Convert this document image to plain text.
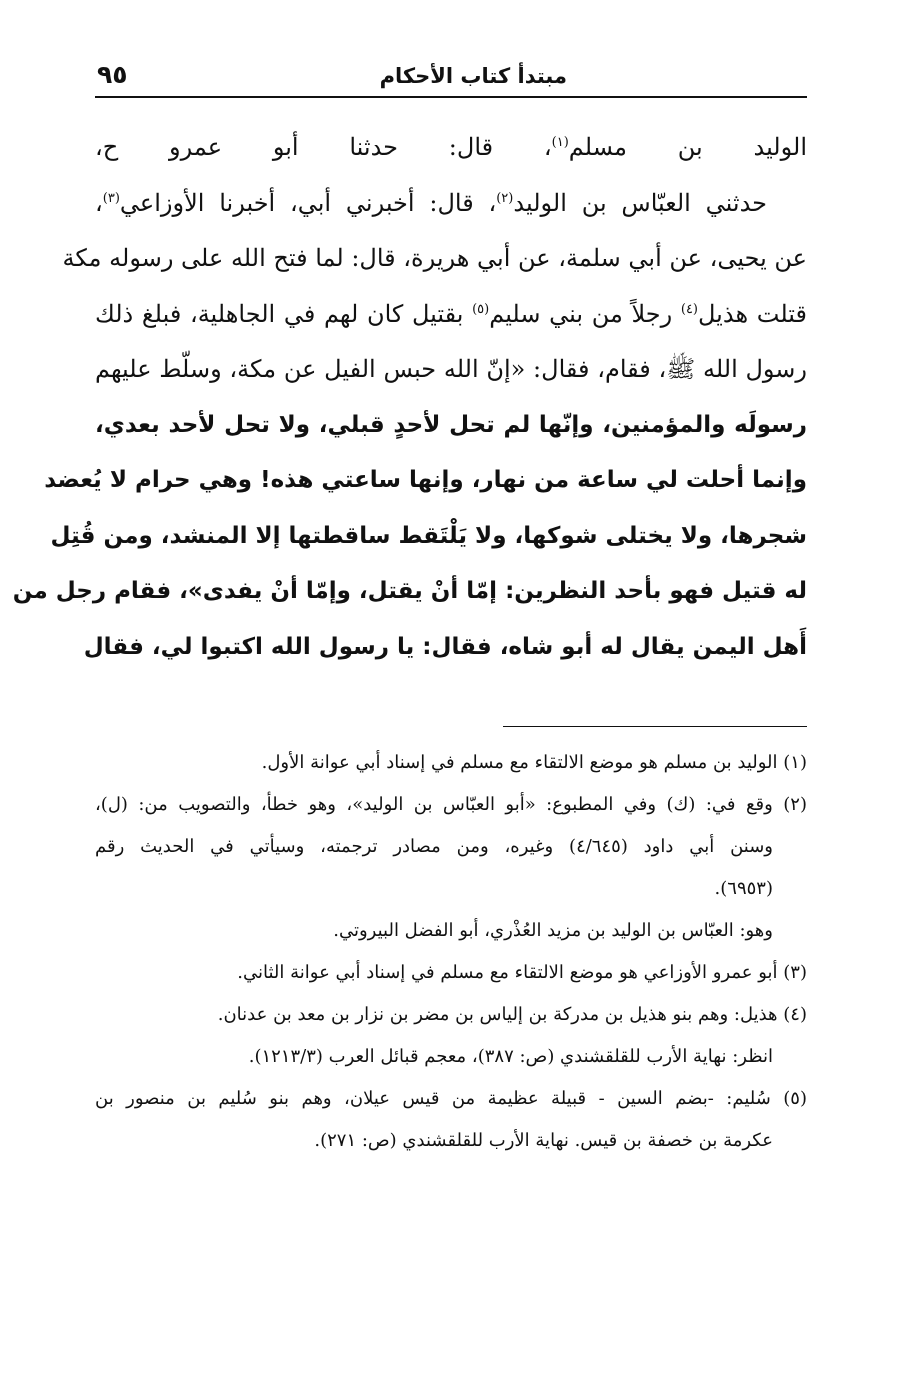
مبتدأ كتاب الأحكام
٩٥
الوليد بن مسلم$^{(١)}$، قال: حدثنا أبو عمرو ح،
حدثني العبّاس بن الوليد$^{(٢)}$، قال: أخبرني أبي، أخبرنا الأوزاعي$^{(٣)}$،
عن يحيى، عن أبي سلمة، عن أبي هريرة، قال: لما فتح الله على رسوله مكة
قتلت هذيل$^{(٤)}$ رجلاً من بني سليم$^{(٥)}$ بقتيل كان لهم في الجاهلية، فبلغ ذلك
رسول الله ﷺ، فقام، فقال: «إنّ الله حبس الفيل عن مكة، وسلّط عليهم
رسولَه والمؤمنين، وإنّها لم تحل لأحدٍ قبلي، ولا تحل لأحد بعدي،
وإنما أحلت لي ساعة من نهار، وإنها ساعتي هذه! وهي حرام لا يُعضد
شجرها، ولا يختلى شوكها، ولا يَلْتَقط ساقطتها إلا المنشد، ومن قُتِل
له قتيل فهو بأحد النظرين: إمّا أنْ يقتل، وإمّا أنْ يفدى»، فقام رجل من
أَهل اليمن يقال له أبو شاه، فقال: يا رسول الله اكتبوا لي، فقال
(١) الوليد بن مسلم هو موضع الالتقاء مع مسلم في إسناد أبي عوانة الأول.
(٢) وقع في: (ك) وفي المطبوع: «أبو العبّاس بن الوليد»، وهو خطأ، والتصويب من: (ل)،
وسنن أبي داود (٤/٦٤٥) وغيره، ومن مصادر ترجمته، وسيأتي في الحديث رقم
(٦٩٥٣).
وهو: العبّاس بن الوليد بن مزيد العُذْري، أبو الفضل البيروتي.
(٣) أبو عمرو الأوزاعي هو موضع الالتقاء مع مسلم في إسناد أبي عوانة الثاني.
(٤) هذيل: وهم بنو هذيل بن مدركة بن إلياس بن مضر بن نزار بن معد بن عدنان.
انظر: نهاية الأرب للقلقشندي (ص: ٣٨٧)، معجم قبائل العرب (١٢١٣/٣).
(٥) سُليم: -بضم السين - قبيلة عظيمة من قيس عيلان، وهم بنو سُليم بن منصور بن
عكرمة بن خصفة بن قيس. نهاية الأرب للقلقشندي (ص: ٢٧١).
